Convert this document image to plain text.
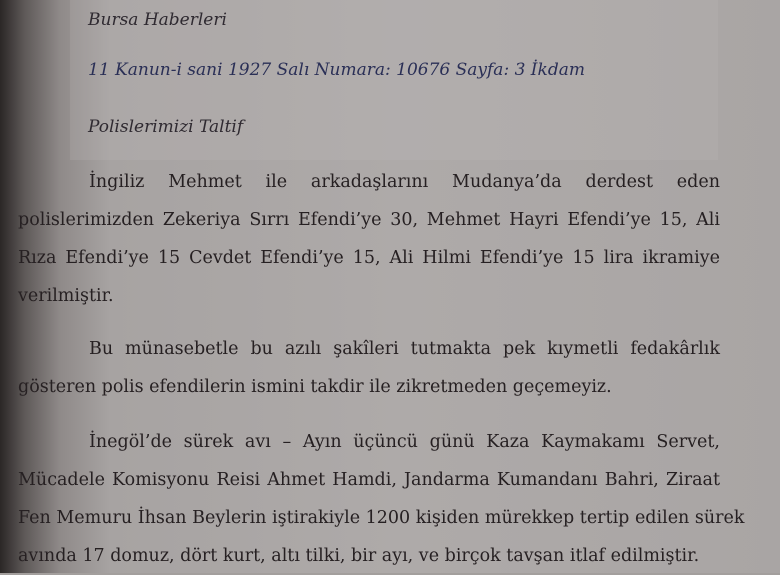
Bursa Haberleri
11 Kanun-i sani 1927 Salı Numara: 10676 Sayfa: 3 İkdam
Polislerimizi Taltif
İngiliz Mehmet ile arkadaşlarını Mudanya’da derdest eden
polislerimizden Zekeriya Sırrı Efendi’ye 30, Mehmet Hayri Efendi’ye 15, Ali
Rıza Efendi’ye 15 Cevdet Efendi’ye 15, Ali Hilmi Efendi’ye 15 lira ikramiye
verilmiştir.
Bu münasebetle bu azılı şakîleri tutmakta pek kıymetli fedakârlık
gösteren polis efendilerin ismini takdir ile zikretmeden geçemeyiz.
İnegöl’de sürek avı – Ayın üçüncü günü Kaza Kaymakamı Servet,
Mücadele Komisyonu Reisi Ahmet Hamdi, Jandarma Kumandanı Bahri, Ziraat
Fen Memuru İhsan Beylerin iştirakiyle 1200 kişiden mürekkep tertip edilen sürek
avında 17 domuz, dört kurt, altı tilki, bir ayı, ve birçok tavşan itlaf edilmiştir.
